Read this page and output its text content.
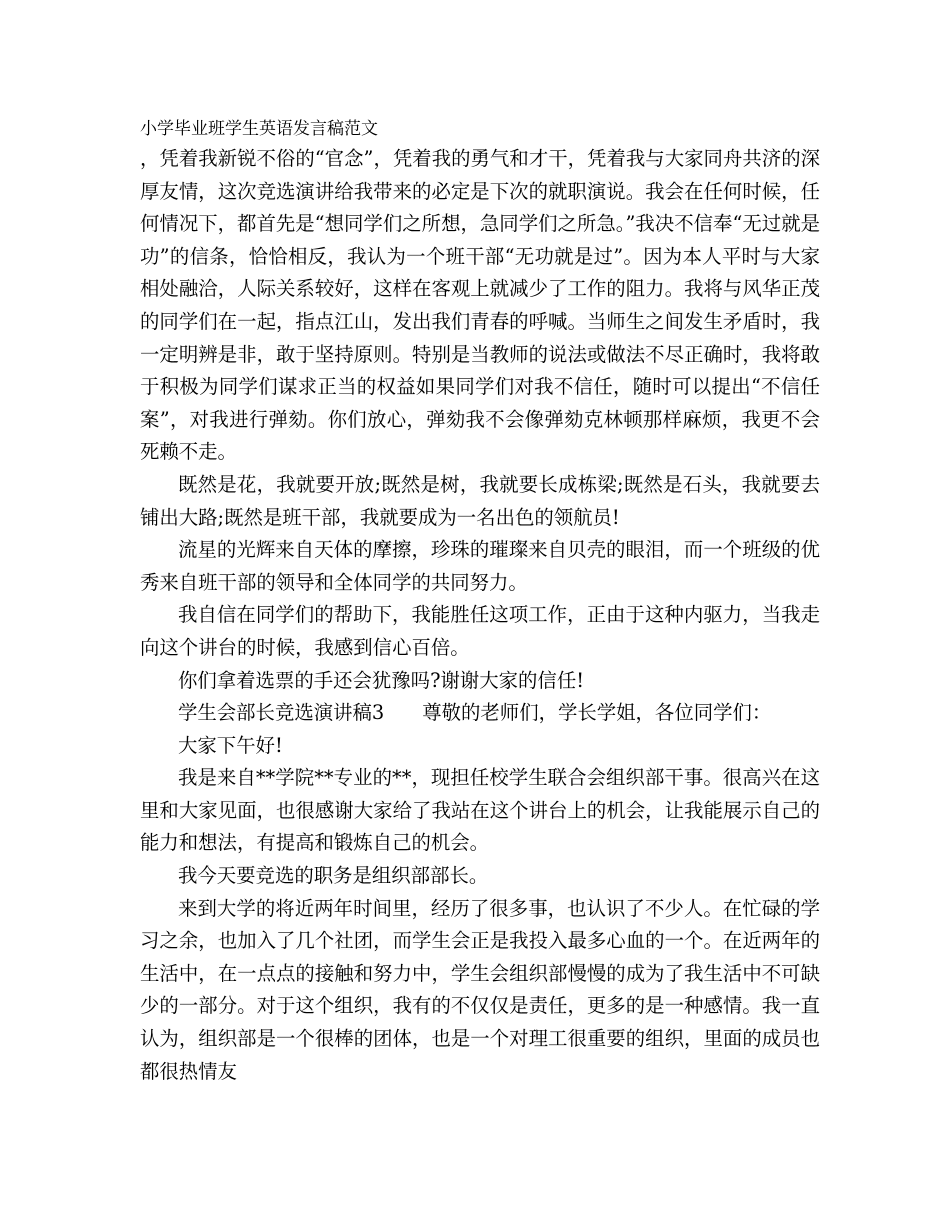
小学毕业班学生英语发言稿范文

，凭着我新锐不俗的“官念”，凭着我的勇气和才干，凭着我与大家同舟共济的深厚友情，这次竞选演讲给我带来的必定是下次的就职演说。我会在任何时候，任何情况下，都首先是“想同学们之所想，急同学们之所急。”我决不信奉“无过就是功”的信条，恰恰相反，我认为一个班干部“无功就是过”。因为本人平时与大家相处融洽，人际关系较好，这样在客观上就减少了工作的阻力。我将与风华正茂的同学们在一起，指点江山，发出我们青春的呼喊。当师生之间发生矛盾时，我一定明辨是非，敢于坚持原则。特别是当教师的说法或做法不尽正确时，我将敢于积极为同学们谋求正当的权益如果同学们对我不信任，随时可以提出“不信任案”，对我进行弹劾。你们放心，弹劾我不会像弹劾克林顿那样麻烦，我更不会死赖不走。

既然是花，我就要开放;既然是树，我就要长成栋梁;既然是石头，我就要去铺出大路;既然是班干部，我就要成为一名出色的领航员!

流星的光辉来自天体的摩擦，珍珠的璀璨来自贝壳的眼泪，而一个班级的优秀来自班干部的领导和全体同学的共同努力。

我自信在同学们的帮助下，我能胜任这项工作，正由于这种内驱力，当我走向这个讲台的时候，我感到信心百倍。

你们拿着选票的手还会犹豫吗?谢谢大家的信任!

学生会部长竞选演讲稿3 尊敬的老师们，学长学姐，各位同学们：

大家下午好!

我是来自**学院**专业的**，现担任校学生联合会组织部干事。很高兴在这里和大家见面，也很感谢大家给了我站在这个讲台上的机会，让我能展示自己的能力和想法，有提高和锻炼自己的机会。

我今天要竞选的职务是组织部部长。

来到大学的将近两年时间里，经历了很多事，也认识了不少人。在忙碌的学习之余，也加入了几个社团，而学生会正是我投入最多心血的一个。在近两年的生活中，在一点点的接触和努力中，学生会组织部慢慢的成为了我生活中不可缺少的一部分。对于这个组织，我有的不仅仅是责任，更多的是一种感情。我一直认为，组织部是一个很棒的团体，也是一个对理工很重要的组织，里面的成员也都很热情友
